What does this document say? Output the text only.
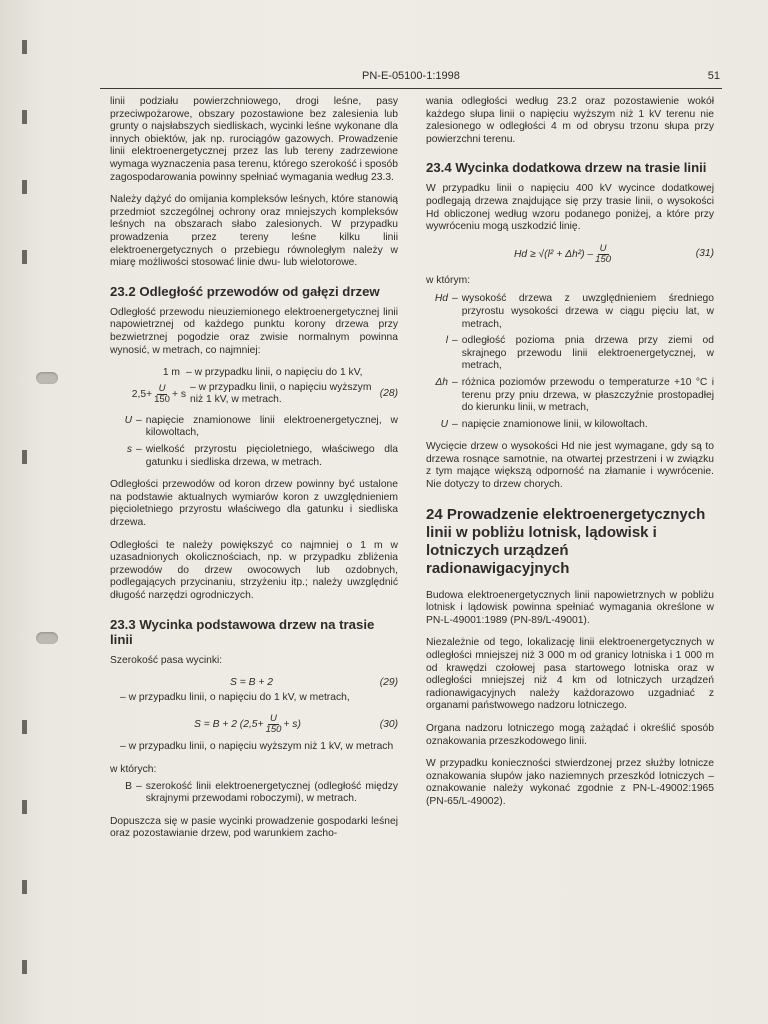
PN-E-05100-1:1998	51

linii podziału powierzchniowego, drogi leśne, pasy przeciwpożarowe, obszary pozostawione bez zalesienia lub grunty o najsłabszych siedliskach, wycinki leśne wykonane dla innych obiektów, jak np. rurociągów gazowych. Prowadzenie linii elektroenergetycznej przez las lub tereny zadrzewione wymaga wyznaczenia pasa terenu, którego szerokość i sposób zagospodarowania powinny spełniać wymagania według 23.3.

Należy dążyć do omijania kompleksów leśnych, które stanowią przedmiot szczególnej ochrony oraz mniejszych kompleksów leśnych na obszarach słabo zalesionych. W przypadku prowadzenia przez tereny leśne kilku linii elektroenergetycznych o przebiegu równoległym należy w miarę możliwości stosować linie dwu- lub wielotorowe.

23.2 Odległość przewodów od gałęzi drzew

Odległość przewodu nieuziemionego elektroenergetycznej linii napowietrznej od każdego punktu korony drzewa przy bezwietrznej pogodzie oraz zwisie normalnym powinna wynosić, w metrach, co najmniej:

1 m – w przypadku linii, o napięciu do 1 kV,
$2,5+ \frac{U}{150} + s$
– w przypadku linii, o napięciu wyższym niż 1 kV, w metrach.
(28)
U – napięcie znamionowe linii elektroenergetycznej, w kilowoltach,
s – wielkość przyrostu pięcioletniego, właściwego dla gatunku i siedliska drzewa, w metrach.

Odległości przewodów od koron drzew powinny być ustalone na podstawie aktualnych wymiarów koron z uwzględnieniem pięcioletniego przyrostu właściwego dla gatunku i siedliska drzewa.

Odległości te należy powiększyć co najmniej o 1 m w uzasadnionych okolicznościach, np. w przypadku zbliżenia przewodów do drzew owocowych lub ozdobnych, podlegających przycinaniu, strzyżeniu itp.; należy uwzględnić długość narzędzi ogrodniczych.

23.3 Wycinka podstawowa drzew na trasie linii

Szerokość pasa wycinki:

S = B + 2	(29)

– w przypadku linii, o napięciu do 1 kV, w metrach,

S = B + 2 $(2,5+ \frac{U}{150} + s)$	(30)

– w przypadku linii, o napięciu wyższym niż 1 kV, w metrach

w których:
B – szerokość linii elektroenergetycznej (odległość między skrajnymi przewodami roboczymi), w metrach.

Dopuszcza się w pasie wycinki prowadzenie gospodarki leśnej oraz pozostawianie drzew, pod warunkiem zacho-

wania odległości według 23.2 oraz pozostawienie wokół każdego słupa linii o napięciu wyższym niż 1 kV terenu nie zalesionego w odległości 4 m od obrysu trzonu słupa przy powierzchni terenu.

23.4 Wycinka dodatkowa drzew na trasie linii

W przypadku linii o napięciu 400 kV wycince dodatkowej podlegają drzewa znajdujące się przy trasie linii, o wysokości Hd obliczonej według wzoru podanego poniżej, a które przy wywróceniu mogą uszkodzić linię.

$Hd \ge √(l^2 + \Delta h^2) - \frac{U}{150}$	(31)
w którym:
Hd – wysokość drzewa z uwzględnieniem średniego przyrostu wysokości drzewa w ciągu pięciu lat, w metrach,
l – odległość pozioma pnia drzewa przy ziemi od skrajnego przewodu linii elektroenergetycznej, w metrach,
Δh – różnica poziomów przewodu o temperaturze +10 °C i terenu przy pniu drzewa, w płaszczyźnie prostopadłej do kierunku linii, w metrach,
U – napięcie znamionowe linii, w kilowoltach.

Wycięcie drzew o wysokości Hd nie jest wymagane, gdy są to drzewa rosnące samotnie, na otwartej przestrzeni i w związku z tym mające większą odporność na złamanie i wywrócenie. Nie dotyczy to drzew chorych.

24 Prowadzenie elektroenergetycznych linii w pobliżu lotnisk, lądowisk i lotniczych urządzeń radionawigacyjnych

Budowa elektroenergetycznych linii napowietrznych w pobliżu lotnisk i lądowisk powinna spełniać wymagania określone w PN-L-49001:1989 (PN-89/L-49001).

Niezależnie od tego, lokalizację linii elektroenergetycznych w odległości mniejszej niż 3 000 m od granicy lotniska i 1 000 m od krawędzi czołowej pasa startowego lotniska oraz w odległości mniejszej niż 4 km od lotniczych urządzeń radionawigacyjnych należy każdorazowo uzgadniać z organami państwowego nadzoru lotniczego.

Organa nadzoru lotniczego mogą zażądać i określić sposób oznakowania przeszkodowego linii.

W przypadku konieczności stwierdzonej przez służby lotnicze oznakowania słupów jako naziemnych przeszkód lotniczych – oznakowanie należy wykonać zgodnie z PN-L-49002:1965 (PN-65/L-49002).
